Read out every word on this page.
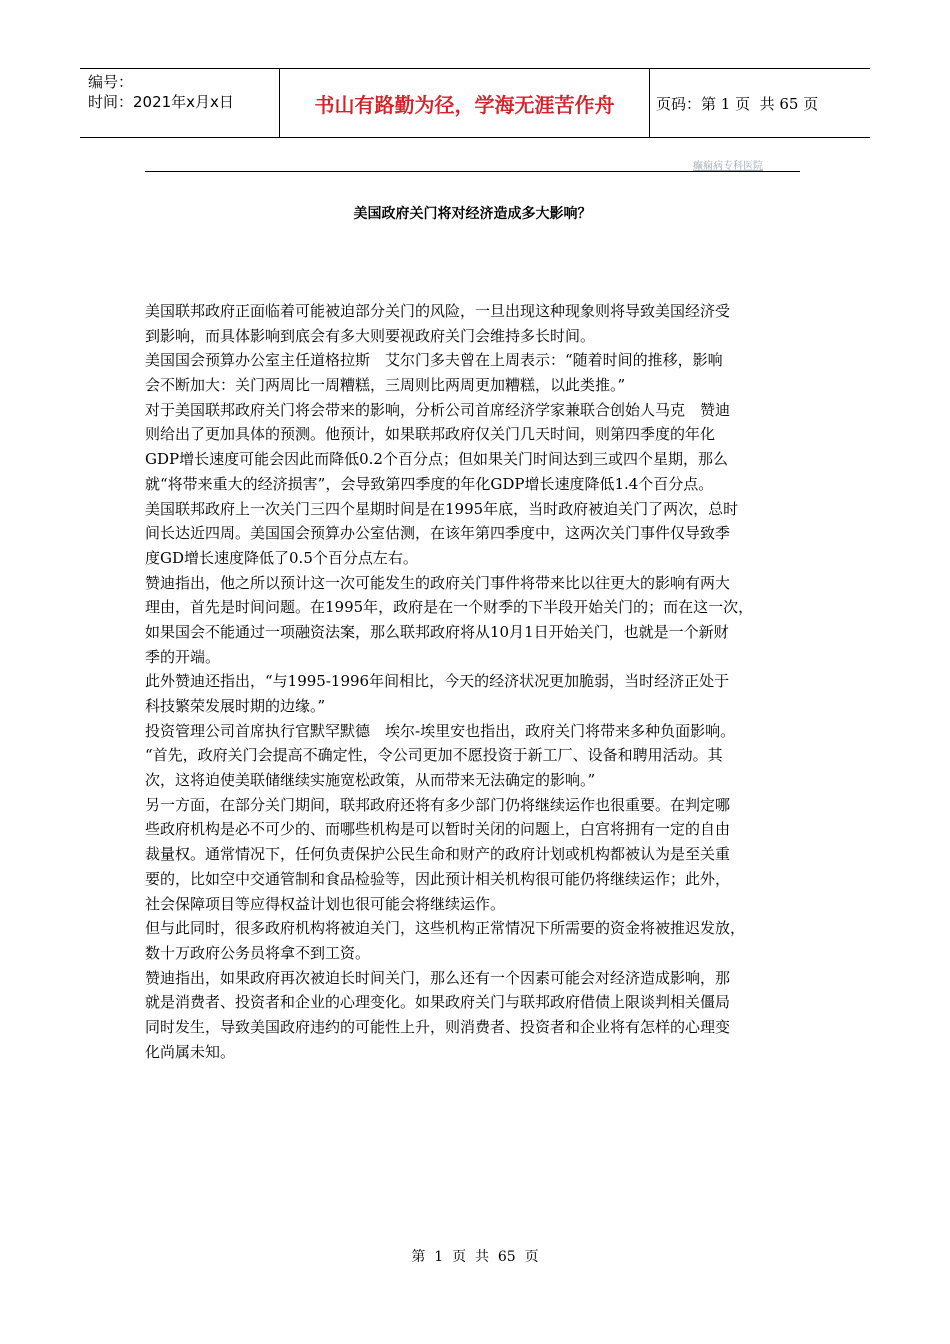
编号：
时间：2021年x月x日	书山有路勤为径，学海无涯苦作舟	页码：第 1 页  共 65 页
癫痫病专科医院
美国政府关门将对经济造成多大影响？
美国联邦政府正面临着可能被迫部分关门的风险，一旦出现这种现象则将导致美国经济受
到影响，而具体影响到底会有多大则要视政府关门会维持多长时间。
美国国会预算办公室主任道格拉斯　艾尔门多夫曾在上周表示：“随着时间的推移，影响
会不断加大：关门两周比一周糟糕，三周则比两周更加糟糕，以此类推。”
对于美国联邦政府关门将会带来的影响，分析公司首席经济学家兼联合创始人马克　赞迪
则给出了更加具体的预测。他预计，如果联邦政府仅关门几天时间，则第四季度的年化
GDP增长速度可能会因此而降低0.2个百分点；但如果关门时间达到三或四个星期，那么
就“将带来重大的经济损害”，会导致第四季度的年化GDP增长速度降低1.4个百分点。
美国联邦政府上一次关门三四个星期时间是在1995年底，当时政府被迫关门了两次，总时
间长达近四周。美国国会预算办公室估测，在该年第四季度中，这两次关门事件仅导致季
度GD增长速度降低了0.5个百分点左右。
赞迪指出，他之所以预计这一次可能发生的政府关门事件将带来比以往更大的影响有两大
理由，首先是时间问题。在1995年，政府是在一个财季的下半段开始关门的；而在这一次，
如果国会不能通过一项融资法案，那么联邦政府将从10月1日开始关门，也就是一个新财
季的开端。
此外赞迪还指出，“与1995-1996年间相比，今天的经济状况更加脆弱，当时经济正处于
科技繁荣发展时期的边缘。”
投资管理公司首席执行官默罕默德　埃尔-埃里安也指出，政府关门将带来多种负面影响。
“首先，政府关门会提高不确定性，令公司更加不愿投资于新工厂、设备和聘用活动。其
次，这将迫使美联储继续实施宽松政策，从而带来无法确定的影响。”
另一方面，在部分关门期间，联邦政府还将有多少部门仍将继续运作也很重要。在判定哪
些政府机构是必不可少的、而哪些机构是可以暂时关闭的问题上，白宫将拥有一定的自由
裁量权。通常情况下，任何负责保护公民生命和财产的政府计划或机构都被认为是至关重
要的，比如空中交通管制和食品检验等，因此预计相关机构很可能仍将继续运作；此外，
社会保障项目等应得权益计划也很可能会将继续运作。
但与此同时，很多政府机构将被迫关门，这些机构正常情况下所需要的资金将被推迟发放，
数十万政府公务员将拿不到工资。
赞迪指出，如果政府再次被迫长时间关门，那么还有一个因素可能会对经济造成影响，那
就是消费者、投资者和企业的心理变化。如果政府关门与联邦政府借债上限谈判相关僵局
同时发生，导致美国政府违约的可能性上升，则消费者、投资者和企业将有怎样的心理变
化尚属未知。
第  1  页  共  65  页
